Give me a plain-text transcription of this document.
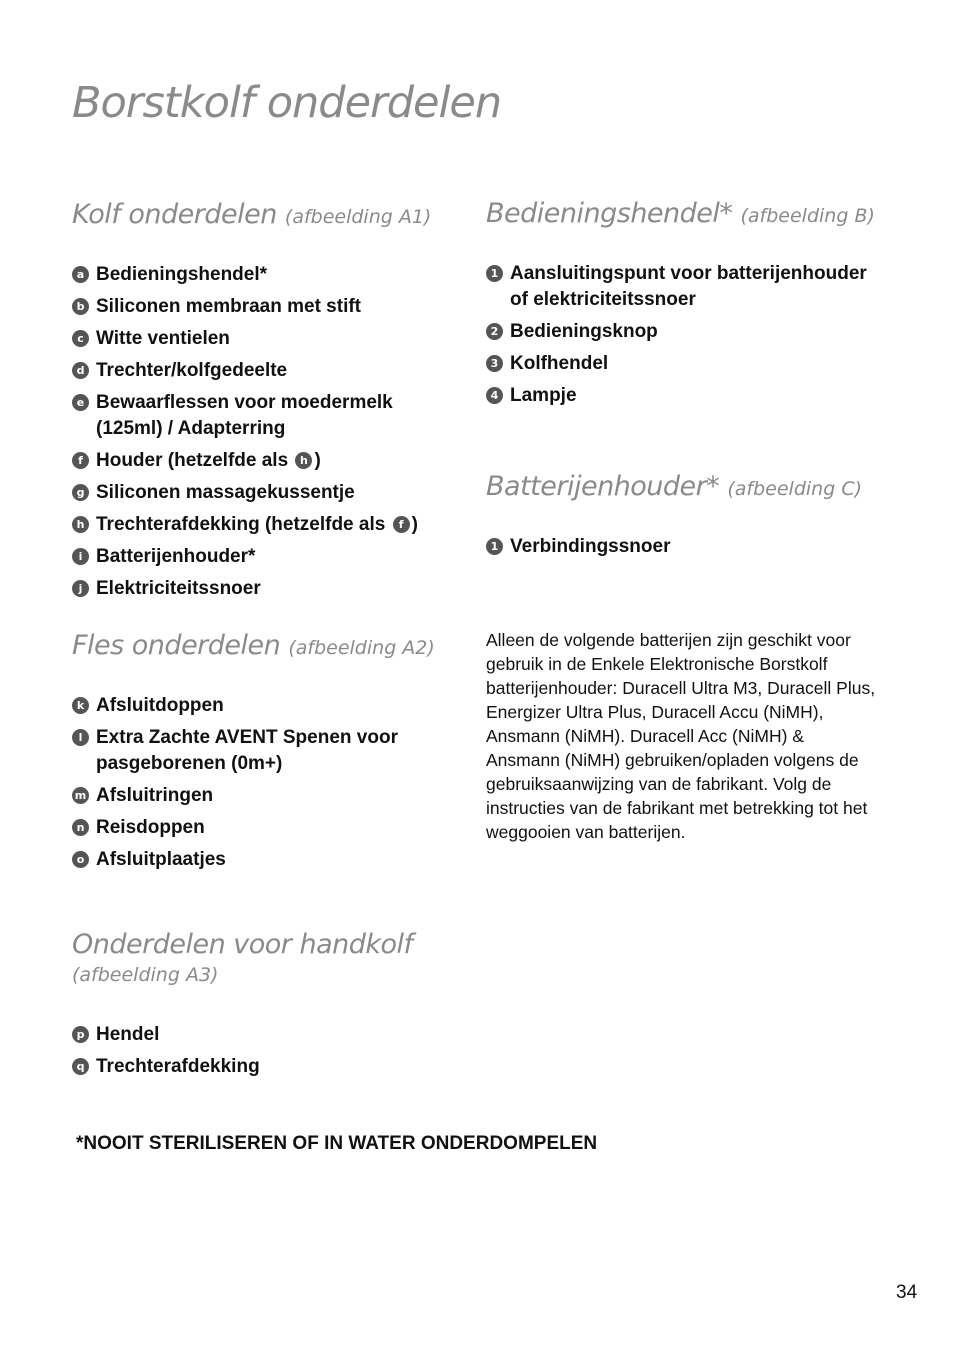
Borstkolf onderdelen
Kolf onderdelen (afbeelding A1)
a Bedieningshendel*
b Siliconen membraan met stift
c Witte ventielen
d Trechter/kolfgedeelte
e Bewaarflessen voor moedermelk (125ml) / Adapterring
f Houder (hetzelfde als h )
g Siliconen massagekussentje
h Trechterafdekking (hetzelfde als f )
i Batterijenhouder*
j Elektriciteitssnoer
Fles onderdelen (afbeelding A2)
k Afsluitdoppen
l Extra Zachte AVENT Spenen voor pasgeborenen (0m+)
m Afsluitringen
n Reisdoppen
o Afsluitplaatjes
Onderdelen voor handkolf
(afbeelding A3)
p Hendel
q Trechterafdekking
Bedieningshendel* (afbeelding B)
1 Aansluitingspunt voor batterijenhouder of elektriciteitssnoer
2 Bedieningsknop
3 Kolfhendel
4 Lampje
Batterijenhouder* (afbeelding C)
1 Verbindingssnoer
Alleen de volgende batterijen zijn geschikt voor gebruik in de Enkele Elektronische Borstkolf batterijenhouder: Duracell Ultra M3, Duracell Plus, Energizer Ultra Plus, Duracell Accu (NiMH), Ansmann (NiMH). Duracell Acc (NiMH) & Ansmann (NiMH) gebruiken/opladen volgens de gebruiksaanwijzing van de fabrikant. Volg de instructies van de fabrikant met betrekking tot het weggooien van batterijen.
*NOOIT STERILISEREN OF IN WATER ONDERDOMPELEN
34
